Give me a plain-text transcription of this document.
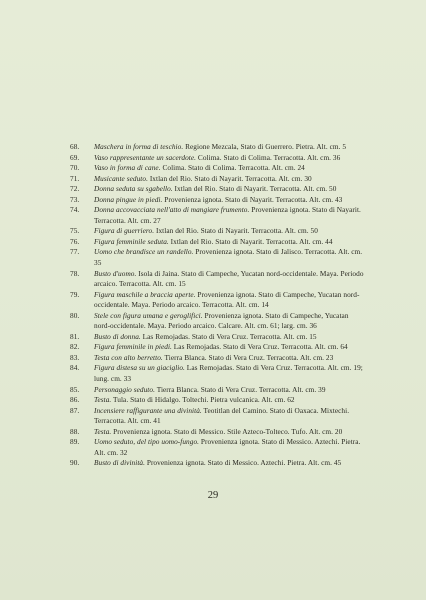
68. Maschera in forma di teschio. Regione Mezcala, Stato di Guerrero. Pietra. Alt. cm. 5
69. Vaso rappresentante un sacerdote. Colima. Stato di Colima. Terracotta. Alt. cm. 36
70. Vaso in forma di cane. Colima. Stato di Colima. Terracotta. Alt. cm. 24
71. Musicante seduto. Ixtlan del Rio. Stato di Nayarit. Terracotta. Alt. cm. 30
72. Donna seduta su sgabello. Ixtlan del Rio. Stato di Nayarit. Terracotta. Alt. cm. 50
73. Donna pingue in piedi. Provenienza ignota. Stato di Nayarit. Terracotta. Alt. cm. 43
74. Donna accovacciata nell'atto di mangiare frumento. Provenienza ignota. Stato di Nayarit. Terracotta. Alt. cm. 27
75. Figura di guerriero. Ixtlan del Rio. Stato di Nayarit. Terracotta. Alt. cm. 50
76. Figura femminile seduta. Ixtlan del Rio. Stato di Nayarit. Terracotta. Alt. cm. 44
77. Uomo che brandisce un randello. Provenienza ignota. Stato di Jalisco. Terracotta. Alt. cm. 35
78. Busto d'uomo. Isola di Jaina. Stato di Campeche, Yucatan nord-occidentale. Maya. Periodo arcaico. Terracotta. Alt. cm. 15
79. Figura maschile a braccia aperte. Provenienza ignota. Stato di Campeche, Yucatan nord-occidentale. Maya. Periodo arcaico. Terracotta. Alt. cm. 14
80. Stele con figura umana e geroglifici. Provenienza ignota. Stato di Campeche, Yucatan nord-occidentale. Maya. Periodo arcaico. Calcare. Alt. cm. 61; larg. cm. 36
81. Busto di donna. Las Remojadas. Stato di Vera Cruz. Terracotta. Alt. cm. 15
82. Figura femminile in piedi. Las Remojadas. Stato di Vera Cruz. Terracotta. Alt. cm. 64
83. Testa con alto berretto. Tierra Blanca. Stato di Vera Cruz. Terracotta. Alt. cm. 23
84. Figura distesa su un giaciglio. Las Remojadas. Stato di Vera Cruz. Terracotta. Alt. cm. 19; lung. cm. 33
85. Personaggio seduto. Tierra Blanca. Stato di Vera Cruz. Terracotta. Alt. cm. 39
86. Testa. Tula. Stato di Hidalgo. Toltechi. Pietra vulcanica. Alt. cm. 62
87. Incensiere raffigurante una divinità. Teotitlan del Camino. Stato di Oaxaca. Mixtechi. Terracotta. Alt. cm. 41
88. Testa. Provenienza ignota. Stato di Messico. Stile Azteco-Tolteco. Tufo. Alt. cm. 20
89. Uomo seduto, del tipo uomo-fungo. Provenienza ignota. Stato di Messico. Aztechi. Pietra. Alt. cm. 32
90. Busto di divinità. Provenienza ignota. Stato di Messico. Aztechi. Pietra. Alt. cm. 45
29
